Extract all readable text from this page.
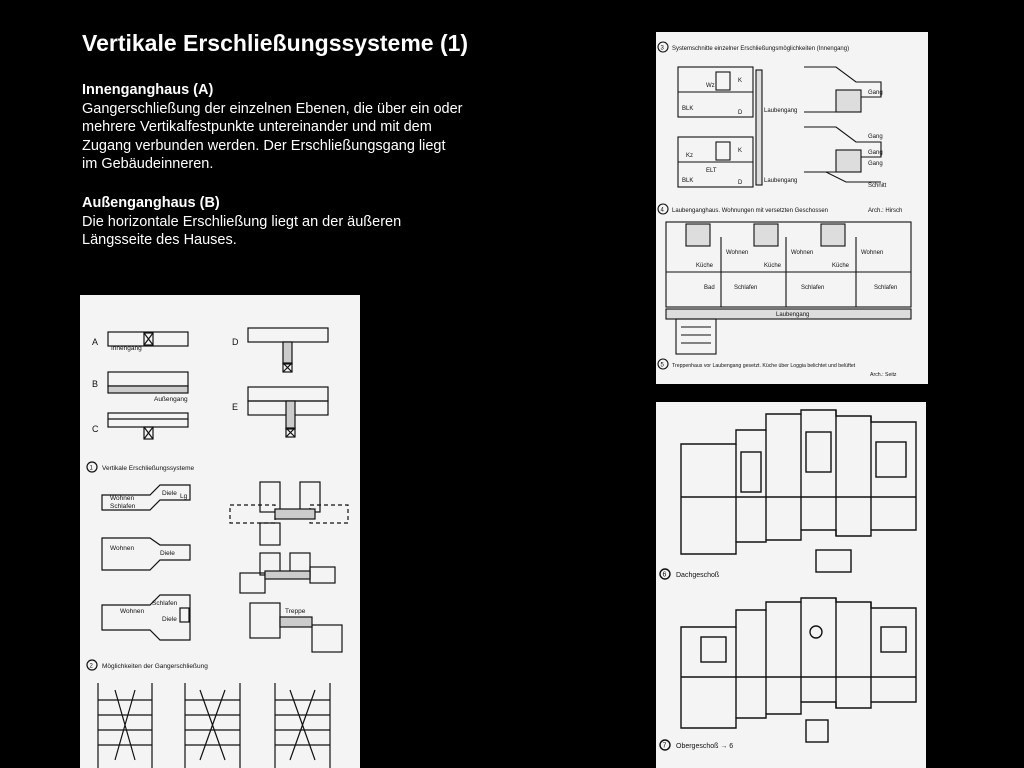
Vertikale Erschließungssysteme (1)
Innenganghaus (A)

Gangerschließung der einzelnen Ebenen, die über ein oder

mehrere Vertikalfestpunkte untereinander und mit dem

Zugang verbunden werden. Der Erschließungsgang liegt

im Gebäudeinneren.

Außenganghaus (B)

Die horizontale Erschließung liegt an der äußeren

Längsseite des Hauses.

A
B
C
D
E
Innengang
Außengang
1 Vertikale Erschließungssysteme
Wohnen
Schlafen
Diele Lg
Wohnen
Diele
Schlafen
Wohnen
Diele
Treppe
2 Möglichkeiten der Gangerschließung
3 Systemschnitte einzelner Erschließungsmöglichkeiten (Innengang)
Wz
K
BLK
D
Kz
ELT
K
BLK	D
Laubengang
Laubengang
Gang
Gang
Gang
Gang
Schnitt
4 Laubenganghaus. Wohnungen mit versetzten Geschossen	Arch.: Hirsch
Wohnen	Wohnen	Wohnen
Küche	Küche	Küche
Bad	Schlafen	Schlafen	Schlafen
Laubengang
5 Treppenhaus vor Laubengang gesetzt. Küche über Loggia belichtet und belüftet
Arch.: Seitz
6 Dachgeschoß
7 Obergeschoß → 6
